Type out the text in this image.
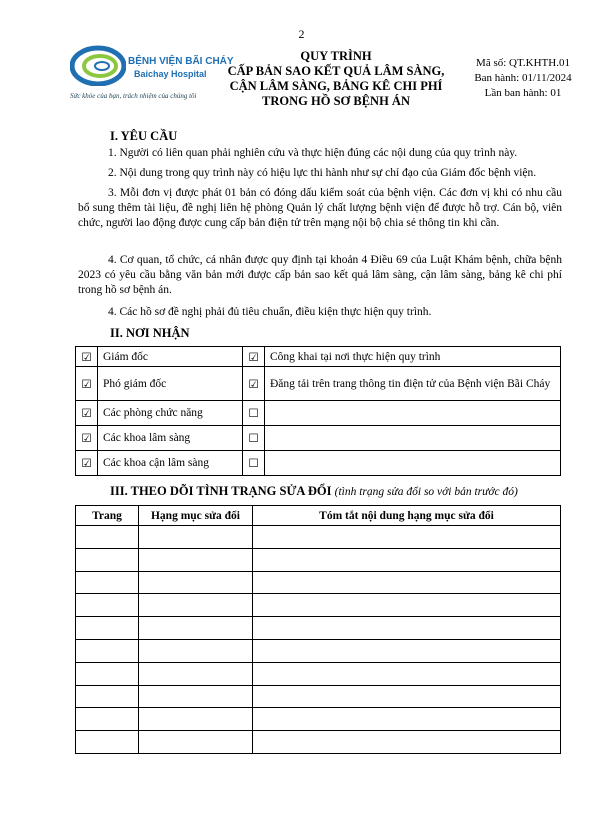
2
BỆNH VIỆN BÃI CHÁY
Baichay Hospital
Sức khỏe của bạn, trách nhiệm của chúng tôi
QUY TRÌNH
CẤP BẢN SAO KẾT QUẢ LÂM SÀNG,
CẬN LÂM SÀNG, BẢNG KÊ CHI PHÍ
TRONG HỒ SƠ BỆNH ÁN
Mã số: QT.KHTH.01
Ban hành: 01/11/2024
Lần ban hành: 01
I. YÊU CẦU
1. Người có liên quan phải nghiên cứu và thực hiện đúng các nội dung của quy trình này.
2. Nội dung trong quy trình này có hiệu lực thi hành như sự chỉ đạo của Giám đốc bệnh viện.
3. Mỗi đơn vị được phát 01 bản có đóng dấu kiểm soát của bệnh viện. Các đơn vị khi có nhu cầu bổ sung thêm tài liệu, đề nghị liên hệ phòng Quản lý chất lượng bệnh viện để được hỗ trợ. Cán bộ, viên chức, người lao động được cung cấp bản điện tử trên mạng nội bộ chia sẻ thông tin khi cần.
4. Cơ quan, tổ chức, cá nhân được quy định tại khoản 4 Điều 69 của Luật Khám bệnh, chữa bệnh 2023 có yêu cầu bằng văn bản mới được cấp bản sao kết quả lâm sàng, cận lâm sàng, bảng kê chi phí trong hồ sơ bệnh án.
4. Các hồ sơ đề nghị phải đủ tiêu chuẩn, điều kiện thực hiện quy trình.
II. NƠI NHẬN
☑	Giám đốc	☑	Công khai tại nơi thực hiện quy trình
☑	Phó giám đốc	☑	Đăng tải trên trang thông tin điện tử của Bệnh viện Bãi Cháy
☑	Các phòng chức năng	☐	
☑	Các khoa lâm sàng	☐	
☑	Các khoa cận lâm sàng	☐	
III. THEO DÕI TÌNH TRẠNG SỬA ĐỔI (tình trạng sửa đổi so với bản trước đó)
Trang	Hạng mục sửa đổi	Tóm tắt nội dung hạng mục sửa đổi
